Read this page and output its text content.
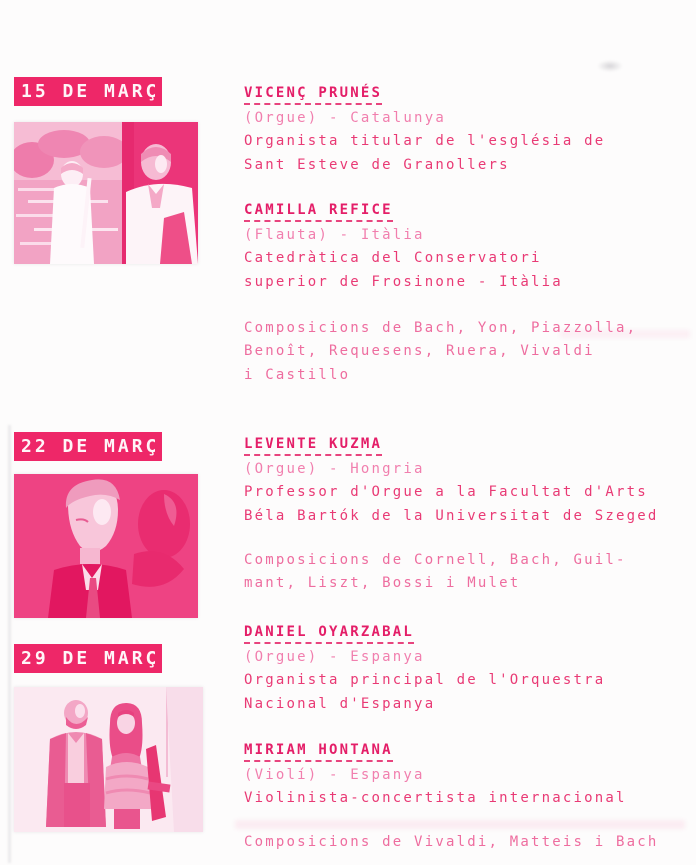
15 DE MARÇ	VICENÇ PRUNÉS
(Orgue) - Catalunya
Organista titular de l'església de
Sant Esteve de Granollers
CAMILLA REFICE
(Flauta) - Itàlia
Catedràtica del Conservatori
superior de Frosinone - Itàlia
Composicions de Bach, Yon, Piazzolla,
Benoît, Requesens, Ruera, Vivaldi
i Castillo
22 DE MARÇ	LEVENTE KUZMA
(Orgue) - Hongria
Professor d'Orgue a la Facultat d'Arts
Béla Bartók de la Universitat de Szeged
Composicions de Cornell, Bach, Guil-
mant, Liszt, Bossi i Mulet
29 DE MARÇ
DANIEL OYARZABAL
(Orgue) - Espanya
Organista principal de l'Orquestra
Nacional d'Espanya
MIRIAM HONTANA
(Violí) - Espanya
Violinista-concertista internacional
Composicions de Vivaldi, Matteis i Bach
